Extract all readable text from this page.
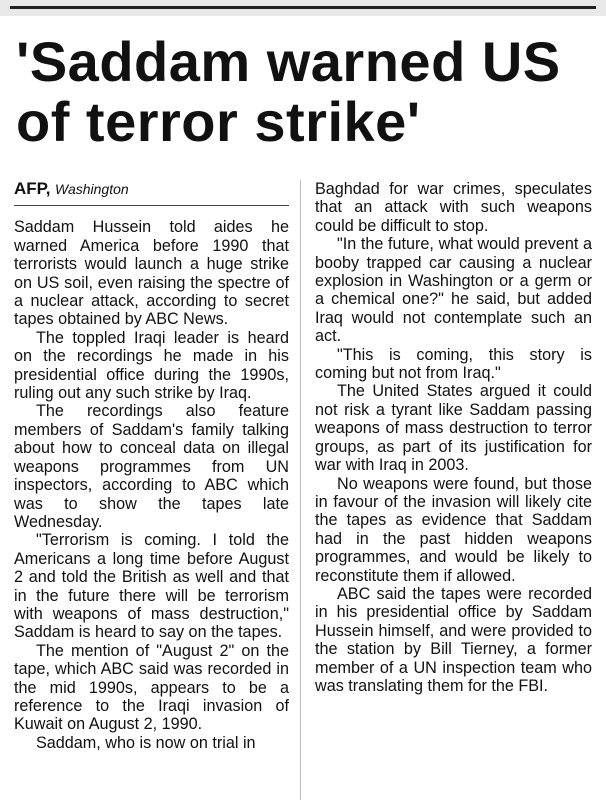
'Saddam warned US of terror strike'
AFP, Washington

Saddam Hussein told aides he warned America before 1990 that terrorists would launch a huge strike on US soil, even raising the spectre of a nuclear attack, according to secret tapes obtained by ABC News.

The toppled Iraqi leader is heard on the recordings he made in his presidential office during the 1990s, ruling out any such strike by Iraq.

The recordings also feature members of Saddam's family talking about how to conceal data on illegal weapons programmes from UN inspectors, according to ABC which was to show the tapes late Wednesday.

"Terrorism is coming. I told the Americans a long time before August 2 and told the British as well and that in the future there will be terrorism with weapons of mass destruction," Saddam is heard to say on the tapes.

The mention of "August 2" on the tape, which ABC said was recorded in the mid 1990s, appears to be a reference to the Iraqi invasion of Kuwait on August 2, 1990.

Saddam, who is now on trial in

Baghdad for war crimes, speculates that an attack with such weapons could be difficult to stop.

"In the future, what would prevent a booby trapped car causing a nuclear explosion in Washington or a germ or a chemical one?" he said, but added Iraq would not contemplate such an act.

"This is coming, this story is coming but not from Iraq."

The United States argued it could not risk a tyrant like Saddam passing weapons of mass destruction to terror groups, as part of its justification for war with Iraq in 2003.

No weapons were found, but those in favour of the invasion will likely cite the tapes as evidence that Saddam had in the past hidden weapons programmes, and would be likely to reconstitute them if allowed.

ABC said the tapes were recorded in his presidential office by Saddam Hussein himself, and were provided to the station by Bill Tierney, a former member of a UN inspection team who was translating them for the FBI.
